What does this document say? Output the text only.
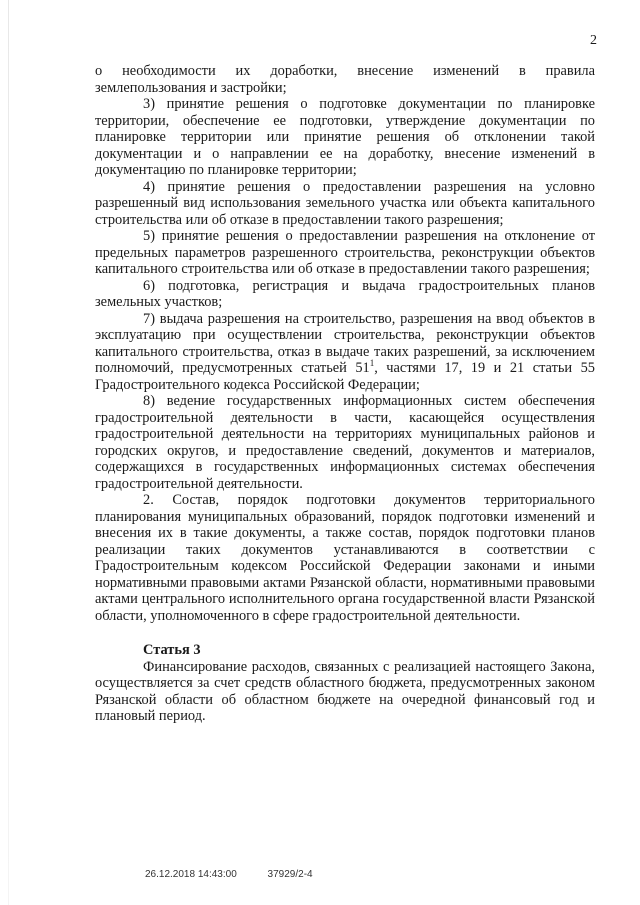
2

о необходимости их доработки, внесение изменений в правила землепользования и застройки;

3) принятие решения о подготовке документации по планировке территории, обеспечение ее подготовки, утверждение документации по планировке территории или принятие решения об отклонении такой документации и о направлении ее на доработку, внесение изменений в документацию по планировке территории;

4) принятие решения о предоставлении разрешения на условно разрешенный вид использования земельного участка или объекта капитального строительства или об отказе в предоставлении такого разрешения;

5) принятие решения о предоставлении разрешения на отклонение от предельных параметров разрешенного строительства, реконструкции объектов капитального строительства или об отказе в предоставлении такого разрешения;

6) подготовка, регистрация и выдача градостроительных планов земельных участков;

7) выдача разрешения на строительство, разрешения на ввод объектов в эксплуатацию при осуществлении строительства, реконструкции объектов капитального строительства, отказ в выдаче таких разрешений, за исключением полномочий, предусмотренных статьей $51^1$, частями 17, 19 и 21 статьи 55 Градостроительного кодекса Российской Федерации;

8) ведение государственных информационных систем обеспечения градостроительной деятельности в части, касающейся осуществления градостроительной деятельности на территориях муниципальных районов и городских округов, и предоставление сведений, документов и материалов, содержащихся в государственных информационных системах обеспечения градостроительной деятельности.

2. Состав, порядок подготовки документов территориального планирования муниципальных образований, порядок подготовки изменений и внесения их в такие документы, а также состав, порядок подготовки планов реализации таких документов устанавливаются в соответствии с Градостроительным кодексом Российской Федерации законами и иными нормативными правовыми актами Рязанской области, нормативными правовыми актами центрального исполнительного органа государственной власти Рязанской области, уполномоченного в сфере градостроительной деятельности.

Статья 3

Финансирование расходов, связанных с реализацией настоящего Закона, осуществляется за счет средств областного бюджета, предусмотренных законом Рязанской области об областном бюджете на очередной финансовый год и плановый период.

26.12.2018 14:43:00	37929/2-4
